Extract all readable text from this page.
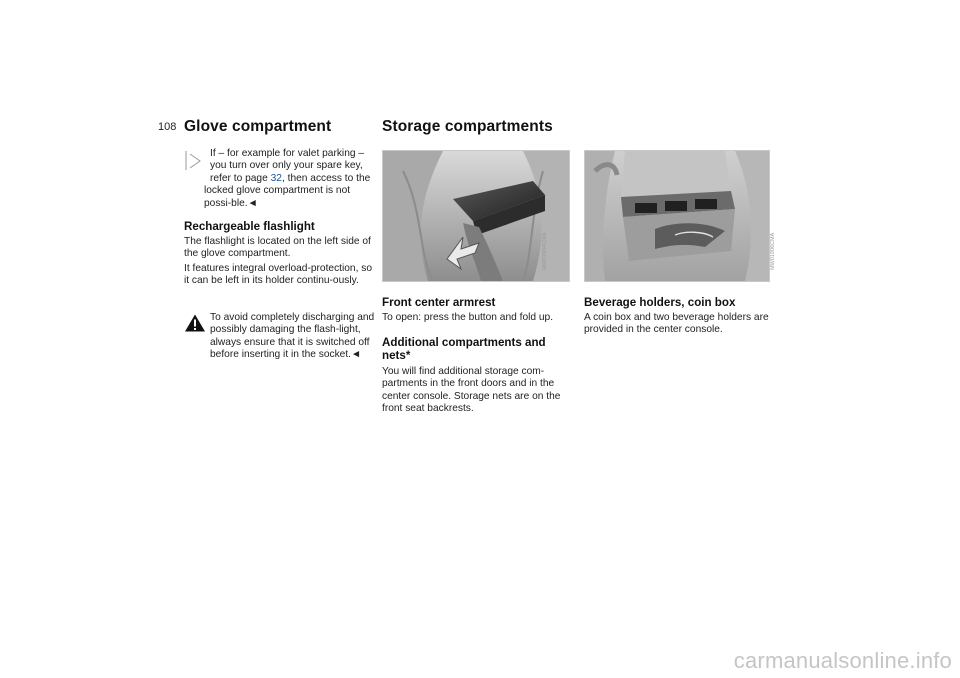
108 Glove compartment

If – for example for valet parking – you turn over only your spare key, refer to page 32, then access to the locked glove compartment is not possi-ble.◄

Rechargeable flashlight

The flashlight is located on the left side of the glove compartment.

It features integral overload-protection, so it can be left in its holder continu-ously.

To avoid completely discharging and possibly damaging the flash-light, always ensure that it is switched off before inserting it in the socket.◄

Storage compartments
MW01904CMA
Front center armrest

To open: press the button and fold up.

Additional compartments and nets*

You will find additional storage com-partments in the front doors and in the center console. Storage nets are on the front seat backrests.

MW01906CMA
Beverage holders, coin box

A coin box and two beverage holders are provided in the center console.

carmanualsonline.info
